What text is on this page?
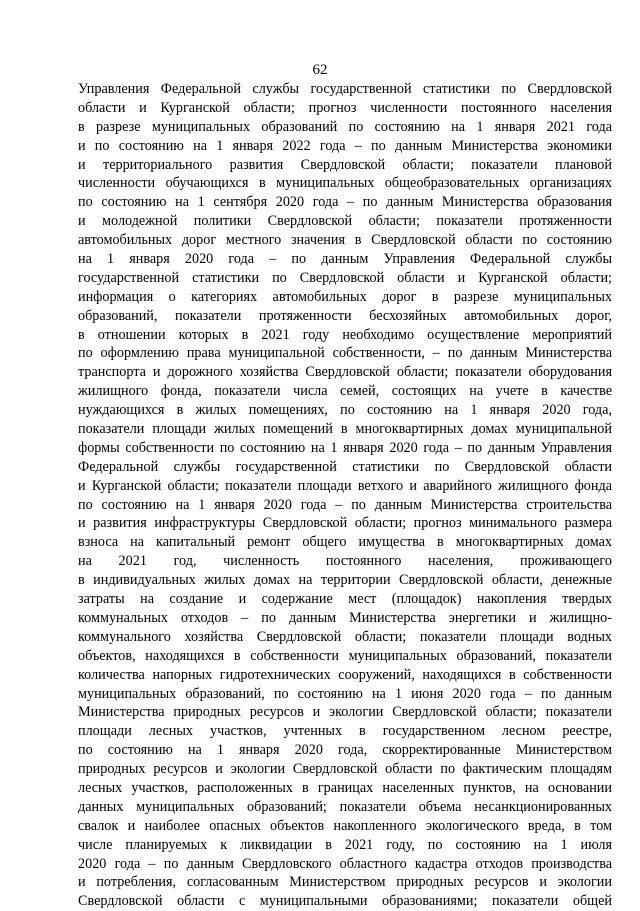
62
Управления Федеральной службы государственной статистики по Свердловской
области и Курганской области; прогноз численности постоянного населения
в разрезе муниципальных образований по состоянию на 1 января 2021 года
и по состоянию на 1 января 2022 года – по данным Министерства экономики
и территориального развития Свердловской области; показатели плановой
численности обучающихся в муниципальных общеобразовательных организациях
по состоянию на 1 сентября 2020 года – по данным Министерства образования
и молодежной политики Свердловской области; показатели протяженности
автомобильных дорог местного значения в Свердловской области по состоянию
на 1 января 2020 года – по данным Управления Федеральной службы
государственной статистики по Свердловской области и Курганской области;
информация о категориях автомобильных дорог в разрезе муниципальных
образований, показатели протяженности бесхозяйных автомобильных дорог,
в отношении которых в 2021 году необходимо осуществление мероприятий
по оформлению права муниципальной собственности, – по данным Министерства
транспорта и дорожного хозяйства Свердловской области; показатели оборудования
жилищного фонда, показатели числа семей, состоящих на учете в качестве
нуждающихся в жилых помещениях, по состоянию на 1 января 2020 года,
показатели площади жилых помещений в многоквартирных домах муниципальной
формы собственности по состоянию на 1 января 2020 года – по данным Управления
Федеральной службы государственной статистики по Свердловской области
и Курганской области; показатели площади ветхого и аварийного жилищного фонда
по состоянию на 1 января 2020 года – по данным Министерства строительства
и развития инфраструктуры Свердловской области; прогноз минимального размера
взноса на капитальный ремонт общего имущества в многоквартирных домах
на 2021 год, численность постоянного населения, проживающего
в индивидуальных жилых домах на территории Свердловской области, денежные
затраты на создание и содержание мест (площадок) накопления твердых
коммунальных отходов – по данным Министерства энергетики и жилищно-
коммунального хозяйства Свердловской области; показатели площади водных
объектов, находящихся в собственности муниципальных образований, показатели
количества напорных гидротехнических сооружений, находящихся в собственности
муниципальных образований, по состоянию на 1 июня 2020 года – по данным
Министерства природных ресурсов и экологии Свердловской области; показатели
площади лесных участков, учтенных в государственном лесном реестре,
по состоянию на 1 января 2020 года, скорректированные Министерством
природных ресурсов и экологии Свердловской области по фактическим площадям
лесных участков, расположенных в границах населенных пунктов, на основании
данных муниципальных образований; показатели объема несанкционированных
свалок и наиболее опасных объектов накопленного экологического вреда, в том
числе планируемых к ликвидации в 2021 году, по состоянию на 1 июля
2020 года – по данным Свердловского областного кадастра отходов производства
и потребления, согласованным Министерством природных ресурсов и экологии
Свердловской области с муниципальными образованиями; показатели общей
